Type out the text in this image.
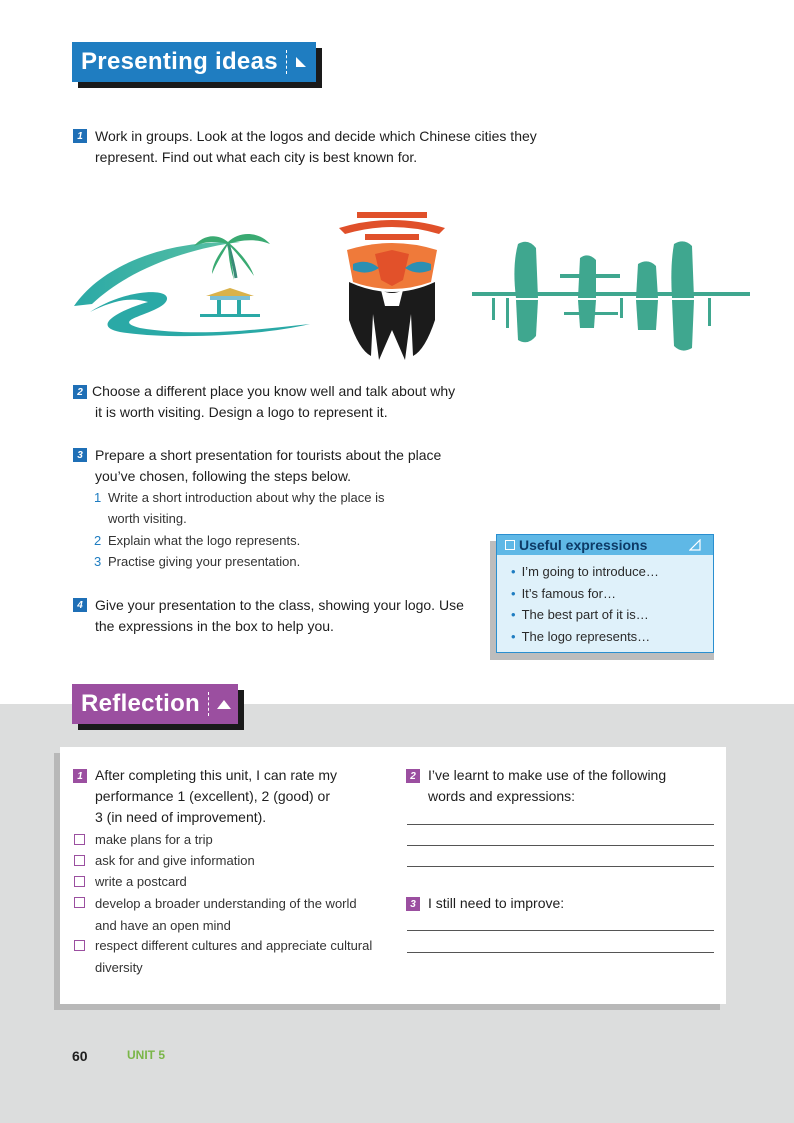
Presenting ideas
1 Work in groups. Look at the logos and decide which Chinese cities they
represent. Find out what each city is best known for.
2 Choose a different place you know well and talk about why
it is worth visiting. Design a logo to represent it.
3 Prepare a short presentation for tourists about the place
you’ve chosen, following the steps below.
1 Write a short introduction about why the place is
worth visiting.
2 Explain what the logo represents.
3 Practise giving your presentation.
4 Give your presentation to the class, showing your logo. Use
the expressions in the box to help you.
Useful expressions
• I’m going to introduce…
• It’s famous for…
• The best part of it is…
• The logo represents…
Reflection
1 After completing this unit, I can rate my
performance 1 (excellent), 2 (good) or
3 (in need of improvement).
make plans for a trip
ask for and give information
write a postcard
develop a broader understanding of the world
and have an open mind
respect different cultures and appreciate cultural
diversity
2 I’ve learnt to make use of the following
words and expressions:
3 I still need to improve:
60	UNIT 5
